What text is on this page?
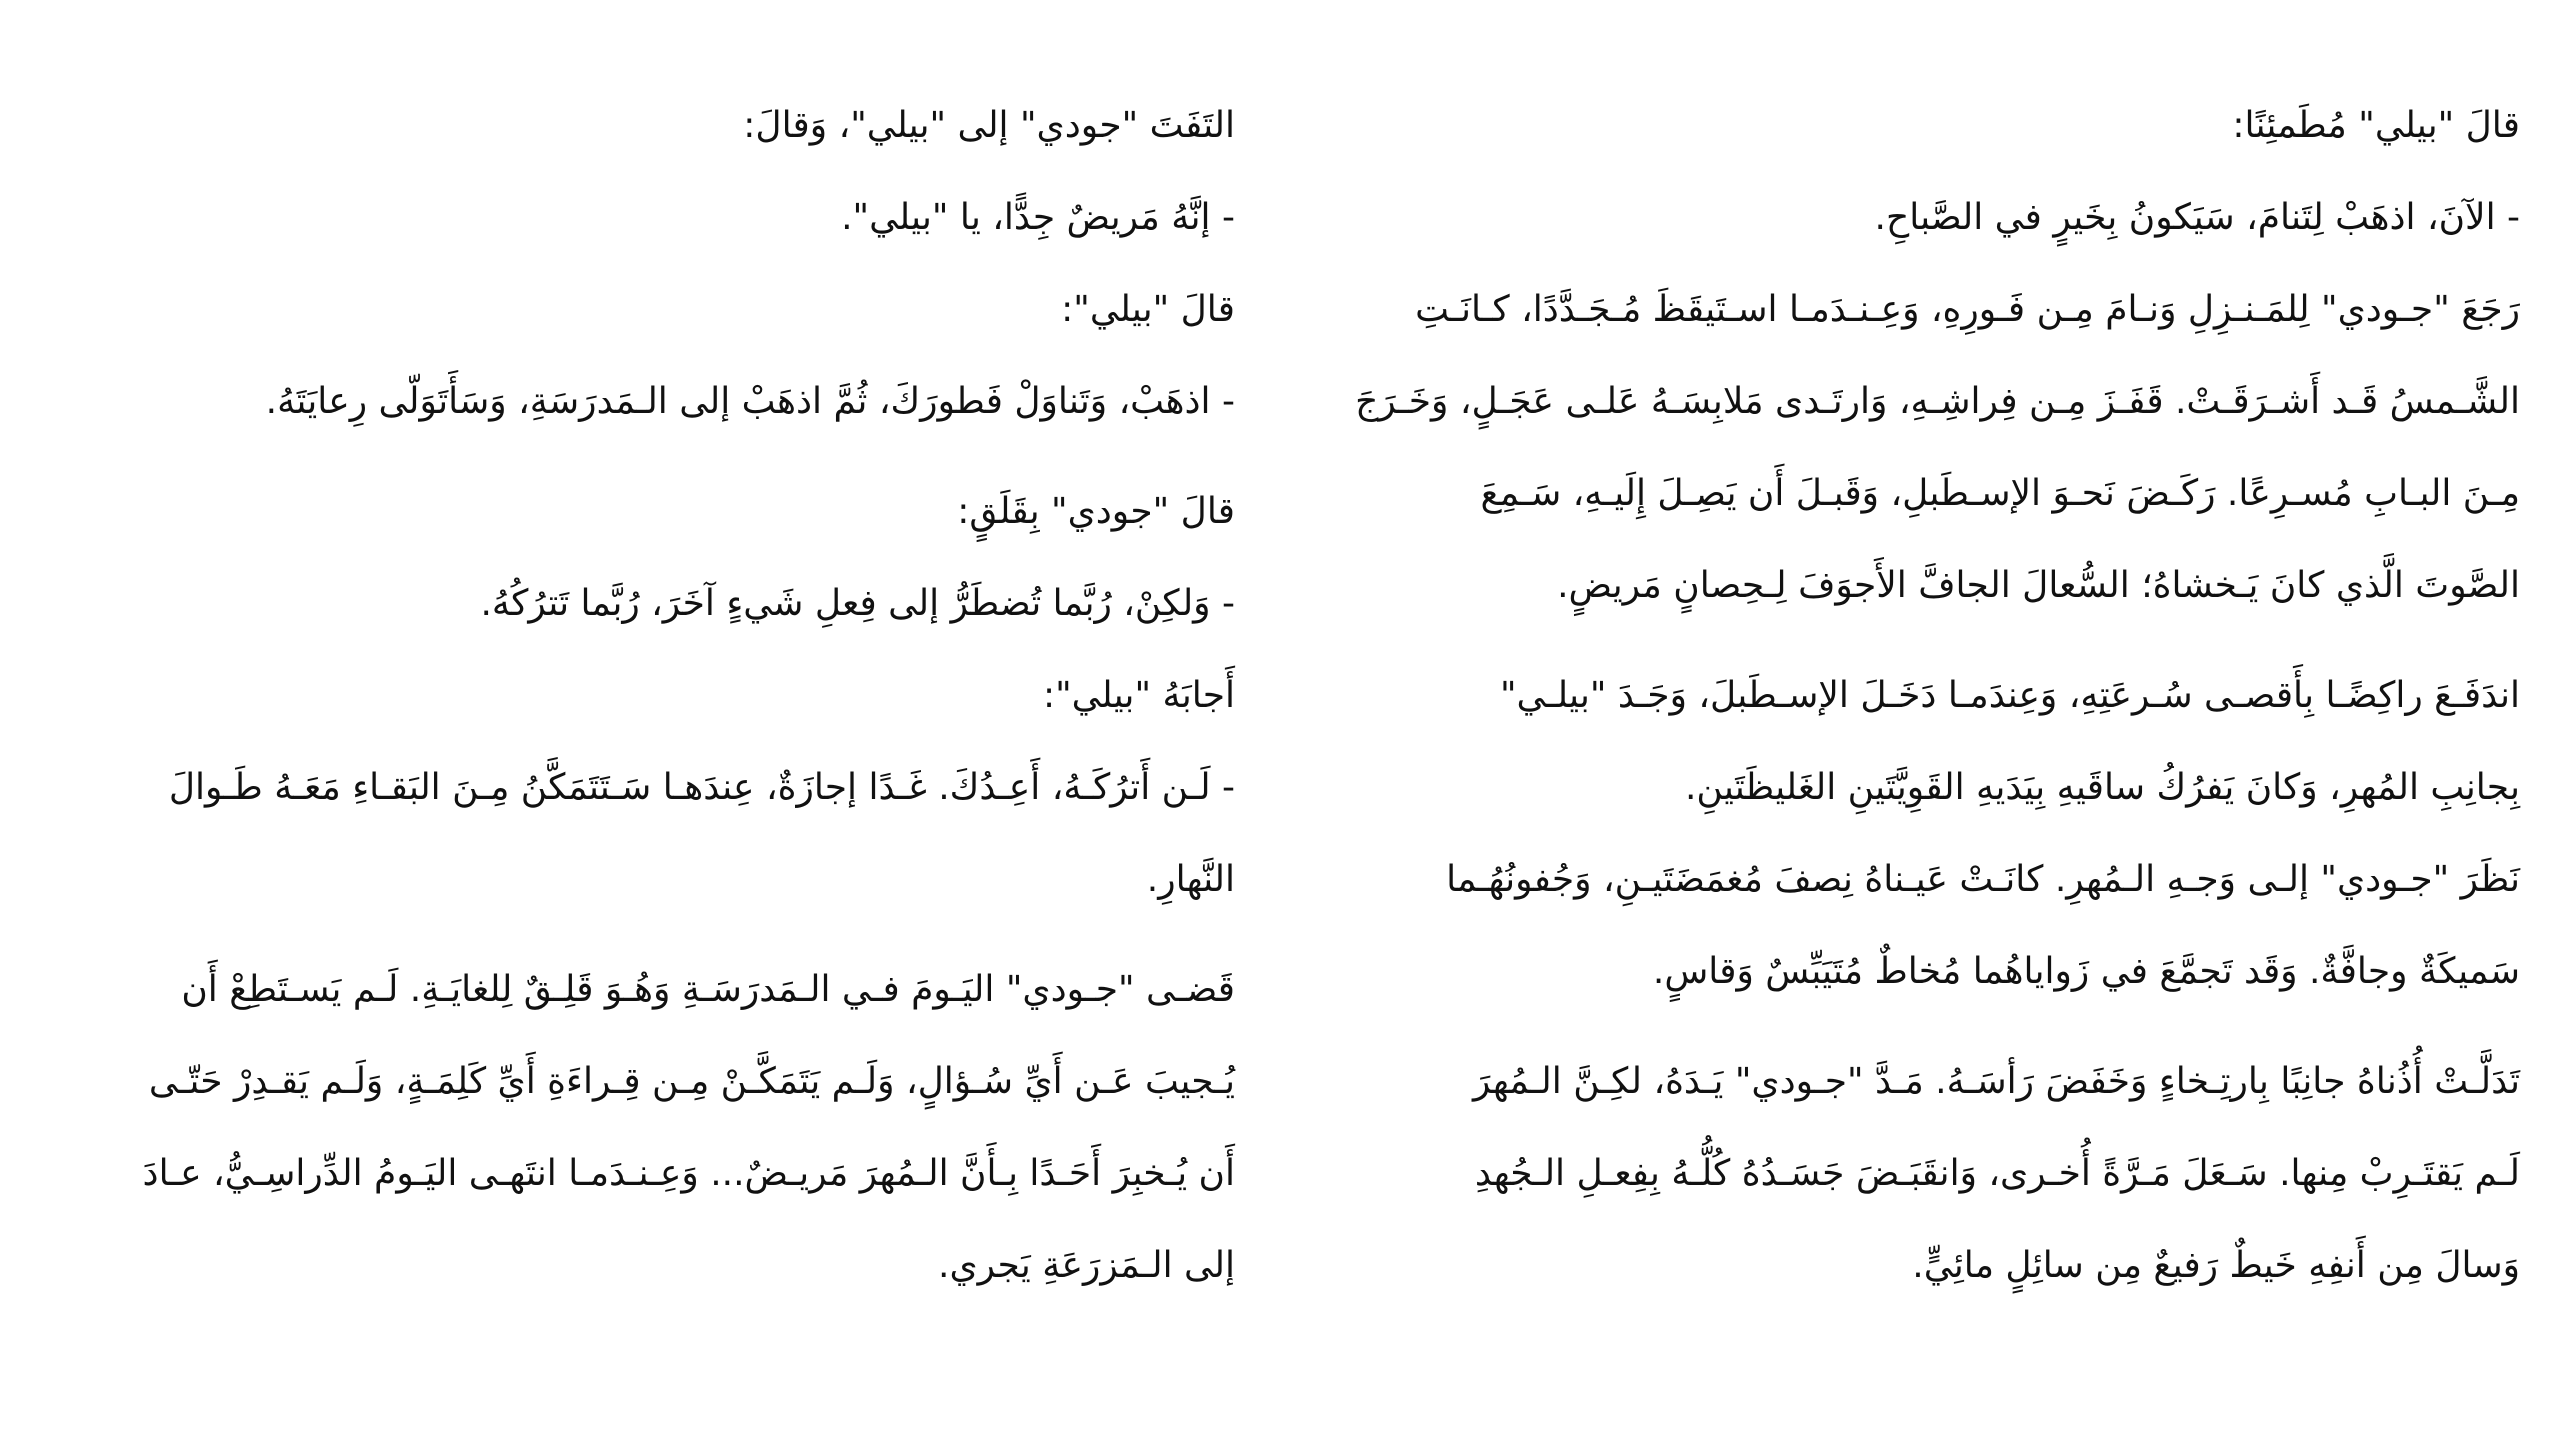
قالَ "بيلي" مُطَمئِنًا:

- الآنَ، اذهَبْ لِتَنامَ، سَيَكونُ بِخَيرٍ في الصَّباحِ.

رَجَعَ "جـودي" لِلمَـنـزِلِ وَنـامَ مِـن فَـورِهِ، وَعِـنـدَمـا اسـتَيقَظَ مُـجَـدَّدًا، كـانَـتِ
الشَّـمسُ قَـد أَشـرَقَـتْ. قَفَـزَ مِـن فِراشِـهِ، وَارتَـدى مَلابِسَـهُ عَلـى عَجَـلٍ، وَخَـرَجَ
مِـنَ البـابِ مُسـرِعًا. رَكَـضَ نَحـوَ الإسـطَبلِ، وَقَبـلَ أَن يَصِـلَ إِلَيـهِ، سَـمِعَ
الصَّوتَ الَّذي كانَ يَـخشاهُ؛ السُّعالَ الجافَّ الأَجوَفَ لِـحِصانٍ مَريضٍ.

اندَفَـعَ راكِضًـا بِأَقصـى سُـرعَتِهِ، وَعِندَمـا دَخَـلَ الإسـطَبلَ، وَجَـدَ "بيلـي"
بِجانِبِ المُهرِ، وَكانَ يَفرُكُ ساقَيهِ بِيَدَيهِ القَوِيَّتَينِ الغَليظَتَينِ.

نَظَرَ "جـودي" إلـى وَجـهِ الـمُهرِ. كانَـتْ عَيـناهُ نِصفَ مُغمَضَتَيـنِ، وَجُفونُهُـما
سَميكَةٌ وجافَّةٌ. وَقَد تَجمَّعَ في زَواياهُما مُخاطٌ مُتَيَبِّسٌ وَقاسٍ.

تَدَلَّـتْ أُذُناهُ جانِبًا بِارتِـخاءٍ وَخَفَضَ رَأسَـهُ. مَـدَّ "جـودي" يَـدَهُ، لكِـنَّ الـمُهرَ
لَـم يَقتَـرِبْ مِنها. سَـعَلَ مَـرَّةً أُخـرى، وَانقَبَـضَ جَسَـدُهُ كُلُّـهُ بِفِعـلِ الـجُهدِ
وَسالَ مِن أَنفِهِ خَيطٌ رَفيعٌ مِن سائِلٍ مائِيٍّ.

التَفَتَ "جودي" إلى "بيلي"، وَقالَ:

- إنَّهُ مَريضٌ جِدًّا، يا "بيلي".

قالَ "بيلي":

- اذهَبْ، وَتَناوَلْ فَطورَكَ، ثُمَّ اذهَبْ إلى الـمَدرَسَةِ، وَسَأَتَوَلّى رِعايَتَهُ.

قالَ "جودي" بِقَلَقٍ:

- وَلكِنْ، رُبَّما تُضطَرُّ إلى فِعلِ شَيءٍ آخَرَ، رُبَّما تَترُكُهُ.

أَجابَهُ "بيلي":

- لَـن أَترُكَـهُ، أَعِـدُكَ. غَـدًا إجازَةٌ، عِندَهـا سَـتَتَمَكَّنُ مِـنَ البَقـاءِ مَعَـهُ طَـوالَ
النَّهارِ.

قَضـى "جـودي" اليَـومَ فـي الـمَدرَسَـةِ وَهُـوَ قَلِـقٌ لِلغايَـةِ. لَـم يَسـتَطِعْ أَن
يُـجيبَ عَـن أَيِّ سُـؤالٍ، وَلَـم يَتَمَكَّـنْ مِـن قِـراءَةِ أَيِّ كَلِمَـةٍ، وَلَـم يَقـدِرْ حَتّـى
أَن يُـخبِرَ أَحَـدًا بِـأَنَّ الـمُهرَ مَريـضٌ... وَعِـنـدَمـا انتَهـى اليَـومُ الدِّراسِـيُّ، عـادَ
إلى الـمَزرَعَةِ يَجري.
